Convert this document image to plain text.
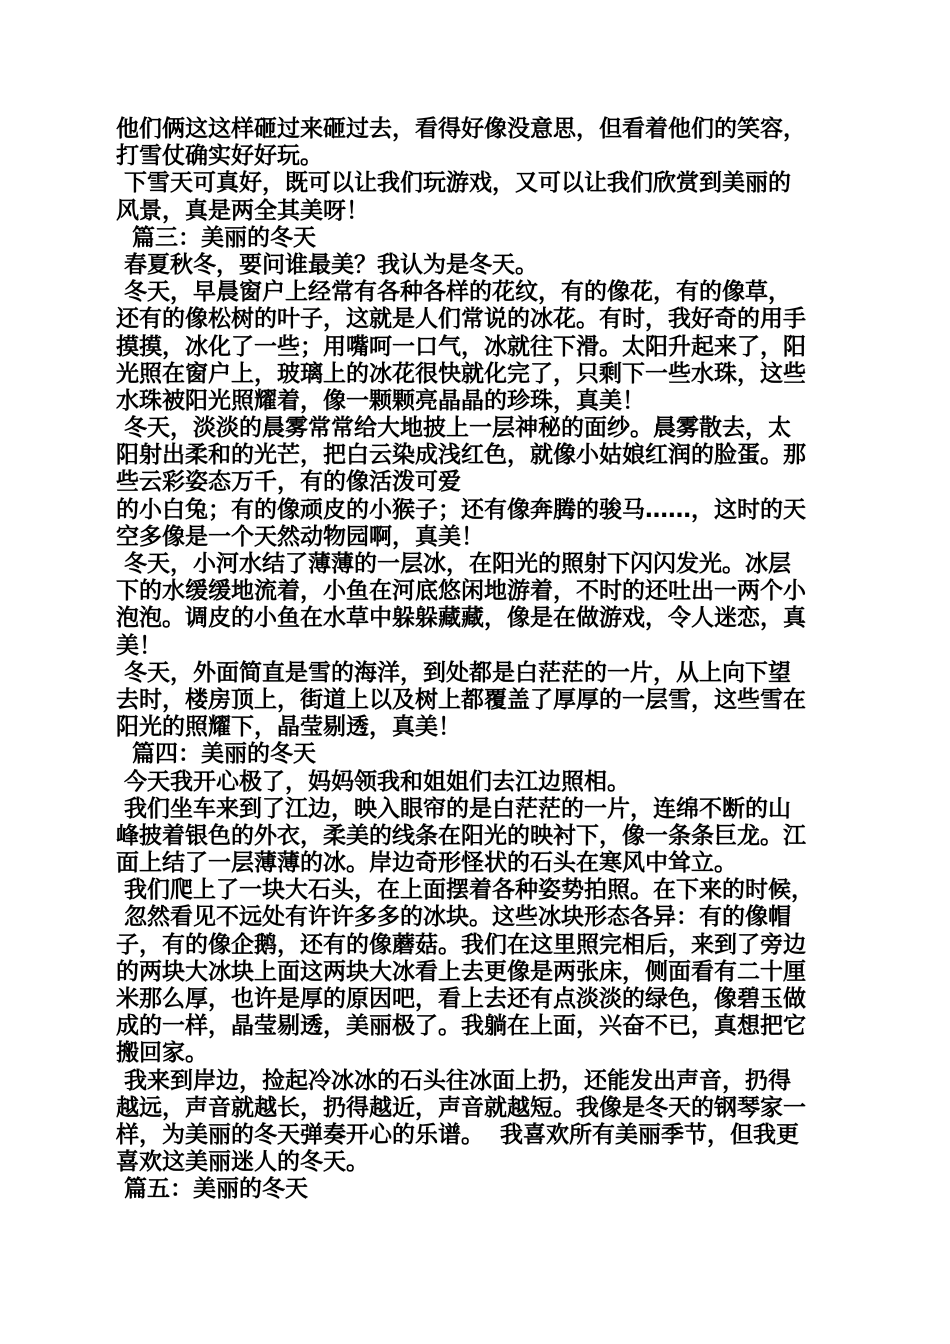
他们俩这这样砸过来砸过去，看得好像没意思，但看着他们的笑容，
打雪仗确实好好玩。
下雪天可真好，既可以让我们玩游戏，又可以让我们欣赏到美丽的
风景，真是两全其美呀！
篇三：美丽的冬天
春夏秋冬，要问谁最美？我认为是冬天。
冬天，早晨窗户上经常有各种各样的花纹，有的像花，有的像草，
还有的像松树的叶子，这就是人们常说的冰花。有时，我好奇的用手
摸摸，冰化了一些；用嘴呵一口气，冰就往下滑。太阳升起来了，阳
光照在窗户上，玻璃上的冰花很快就化完了，只剩下一些水珠，这些
水珠被阳光照耀着，像一颗颗亮晶晶的珍珠，真美！
冬天，淡淡的晨雾常常给大地披上一层神秘的面纱。晨雾散去，太
阳射出柔和的光芒，把白云染成浅红色，就像小姑娘红润的脸蛋。那
些云彩姿态万千，有的像活泼可爱
的小白兔；有的像顽皮的小猴子；还有像奔腾的骏马……，这时的天
空多像是一个天然动物园啊，真美！
冬天，小河水结了薄薄的一层冰，在阳光的照射下闪闪发光。冰层
下的水缓缓地流着，小鱼在河底悠闲地游着，不时的还吐出一两个小
泡泡。调皮的小鱼在水草中躲躲藏藏，像是在做游戏，令人迷恋，真
美！
冬天，外面简直是雪的海洋，到处都是白茫茫的一片，从上向下望
去时，楼房顶上，街道上以及树上都覆盖了厚厚的一层雪，这些雪在
阳光的照耀下，晶莹剔透，真美！
篇四：美丽的冬天
今天我开心极了，妈妈领我和姐姐们去江边照相。
我们坐车来到了江边，映入眼帘的是白茫茫的一片，连绵不断的山
峰披着银色的外衣，柔美的线条在阳光的映衬下，像一条条巨龙。江
面上结了一层薄薄的冰。岸边奇形怪状的石头在寒风中耸立。
我们爬上了一块大石头，在上面摆着各种姿势拍照。在下来的时候，
忽然看见不远处有许许多多的冰块。这些冰块形态各异：有的像帽
子，有的像企鹅，还有的像蘑菇。我们在这里照完相后，来到了旁边
的两块大冰块上面这两块大冰看上去更像是两张床，侧面看有二十厘
米那么厚，也许是厚的原因吧，看上去还有点淡淡的绿色，像碧玉做
成的一样，晶莹剔透，美丽极了。我躺在上面，兴奋不已，真想把它
搬回家。
我来到岸边，捡起冷冰冰的石头往冰面上扔，还能发出声音，扔得
越远，声音就越长，扔得越近，声音就越短。我像是冬天的钢琴家一
样，为美丽的冬天弹奏开心的乐谱。  我喜欢所有美丽季节，但我更
喜欢这美丽迷人的冬天。
篇五：美丽的冬天
